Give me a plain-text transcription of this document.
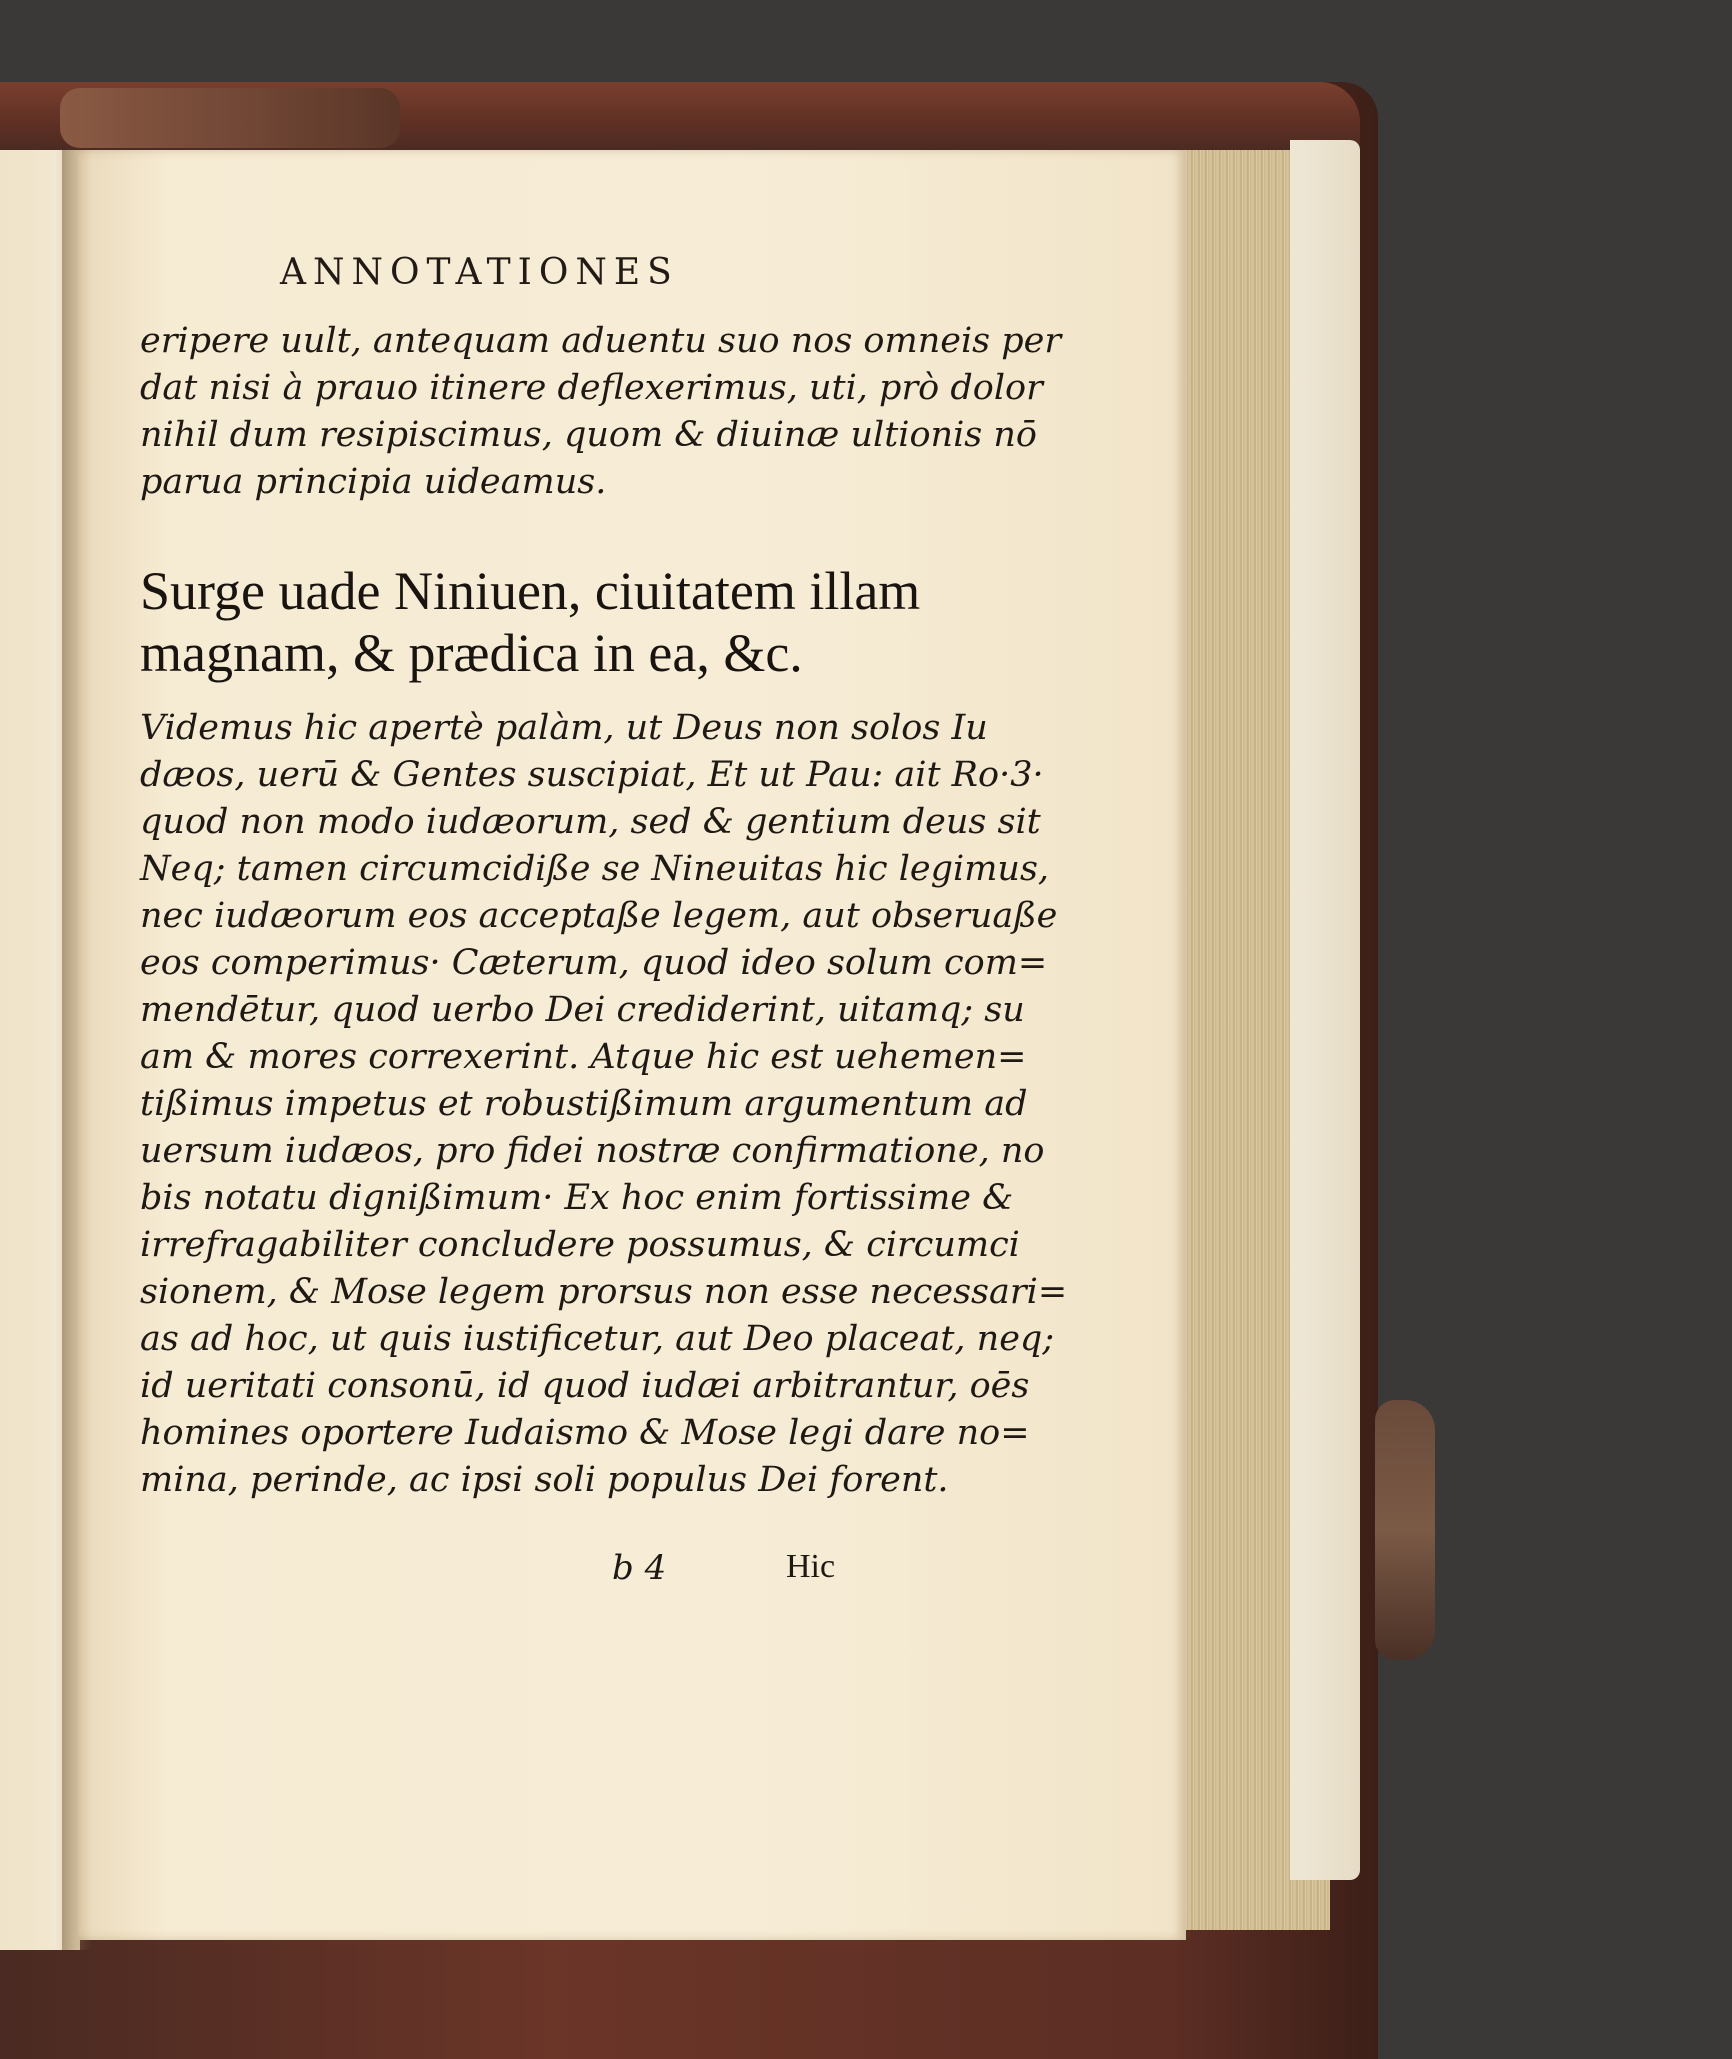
ANNOTATIONES
eripere uult, antequam aduentu suo nos omneis per
dat nisi à prauo itinere deflexerimus, uti, prò dolor
nihil dum resipiscimus, quom & diuinæ ultionis nō
parua principia uideamus.
Surge uade Niniuen, ciuitatem illam
magnam, & prædica in ea, &c.
Videmus hic apertè palàm, ut Deus non solos Iu
dæos, uerū & Gentes suscipiat, Et ut Pau: ait Ro·3·
quod non modo iudæorum, sed & gentium deus sit
Neq; tamen circumcidiße se Nineuitas hic legimus,
nec iudæorum eos acceptaße legem, aut obseruaßе
eos comperimus· Cæterum, quod ideo solum com=
mendētur, quod uerbo Dei crediderint, uitamq; su
am & mores correxerint. Atque hic est uehemen=
tißimus impetus et robustißimum argumentum ad
uersum iudæos, pro fidei nostræ confirmatione, no
bis notatu dignißimum· Ex hoc enim fortissime &
irrefragabiliter concludere possumus, & circumci
sionem, & Mose legem prorsus non esse necessari=
as ad hoc, ut quis iustificetur, aut Deo placeat, neq;
id ueritati consonū, id quod iudæi arbitrantur, oēs
homines oportere Iudaismo & Mose legi dare no=
mina, perinde, ac ipsi soli populus Dei forent.
b 4	Hic
